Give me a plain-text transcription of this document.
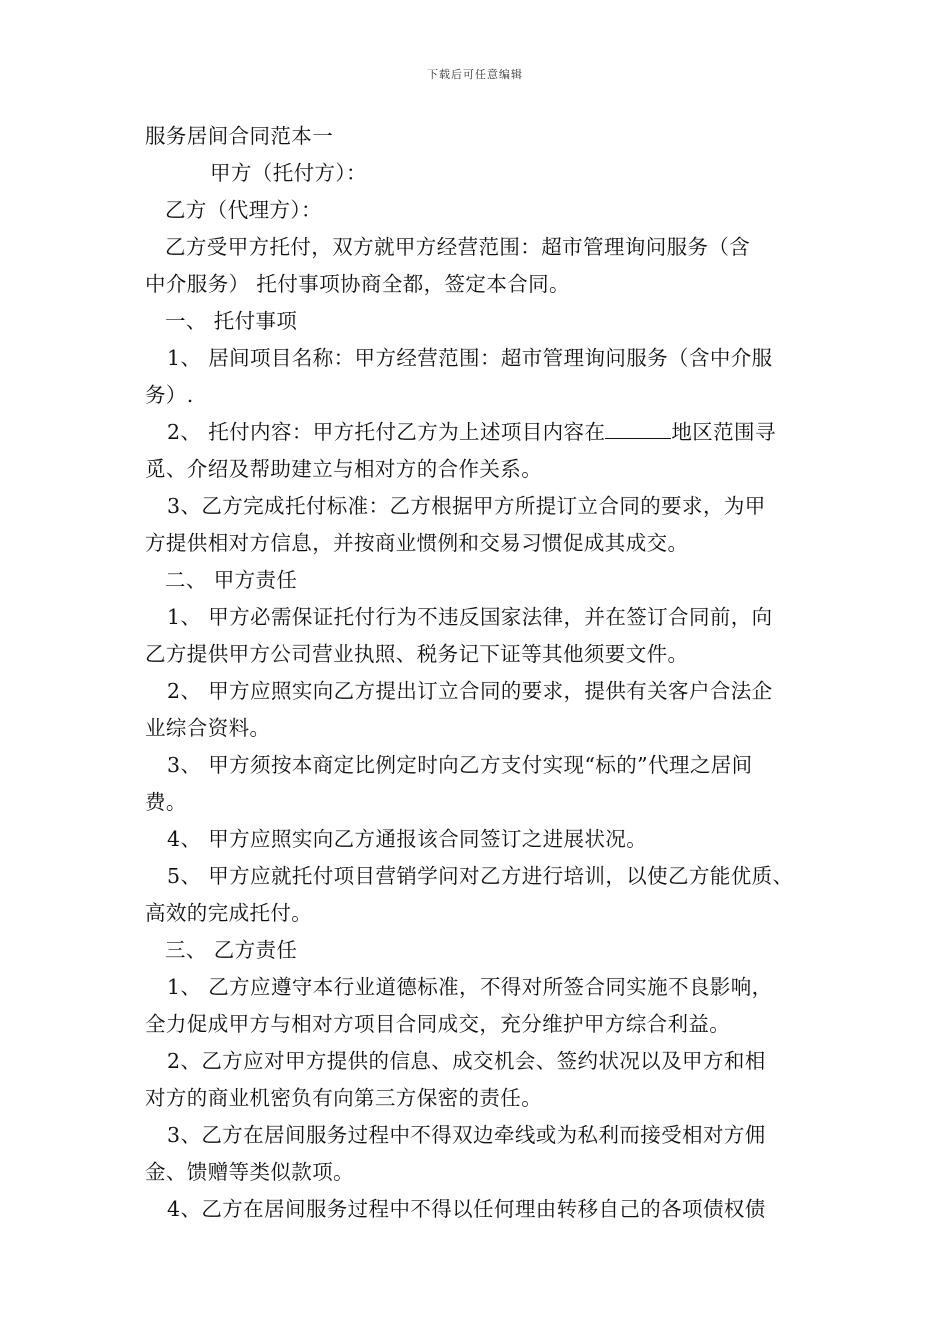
下载后可任意编辑
服务居间合同范本一
甲方（托付方）：
乙方（代理方）：
乙方受甲方托付，双方就甲方经营范围：超市管理询问服务（含
中介服务） 托付事项协商全都，签定本合同。
一、 托付事项
1、 居间项目名称：甲方经营范围：超市管理询问服务（含中介服
务）.
2、 托付内容：甲方托付乙方为上述项目内容在	地区范围寻
觅、介绍及帮助建立与相对方的合作关系。
3、乙方完成托付标准：乙方根据甲方所提订立合同的要求，为甲
方提供相对方信息，并按商业惯例和交易习惯促成其成交。
二、 甲方责任
1、 甲方必需保证托付行为不违反国家法律，并在签订合同前，向
乙方提供甲方公司营业执照、税务记下证等其他须要文件。
2、 甲方应照实向乙方提出订立合同的要求，提供有关客户合法企
业综合资料。
3、 甲方须按本商定比例定时向乙方支付实现“标的”代理之居间
费。
4、 甲方应照实向乙方通报该合同签订之进展状况。
5、 甲方应就托付项目营销学问对乙方进行培训，以使乙方能优质、
高效的完成托付。
三、 乙方责任
1、 乙方应遵守本行业道德标准，不得对所签合同实施不良影响，
全力促成甲方与相对方项目合同成交，充分维护甲方综合利益。
2、乙方应对甲方提供的信息、成交机会、签约状况以及甲方和相
对方的商业机密负有向第三方保密的责任。
3、乙方在居间服务过程中不得双边牵线或为私利而接受相对方佣
金、馈赠等类似款项。
4、乙方在居间服务过程中不得以任何理由转移自己的各项债权债
